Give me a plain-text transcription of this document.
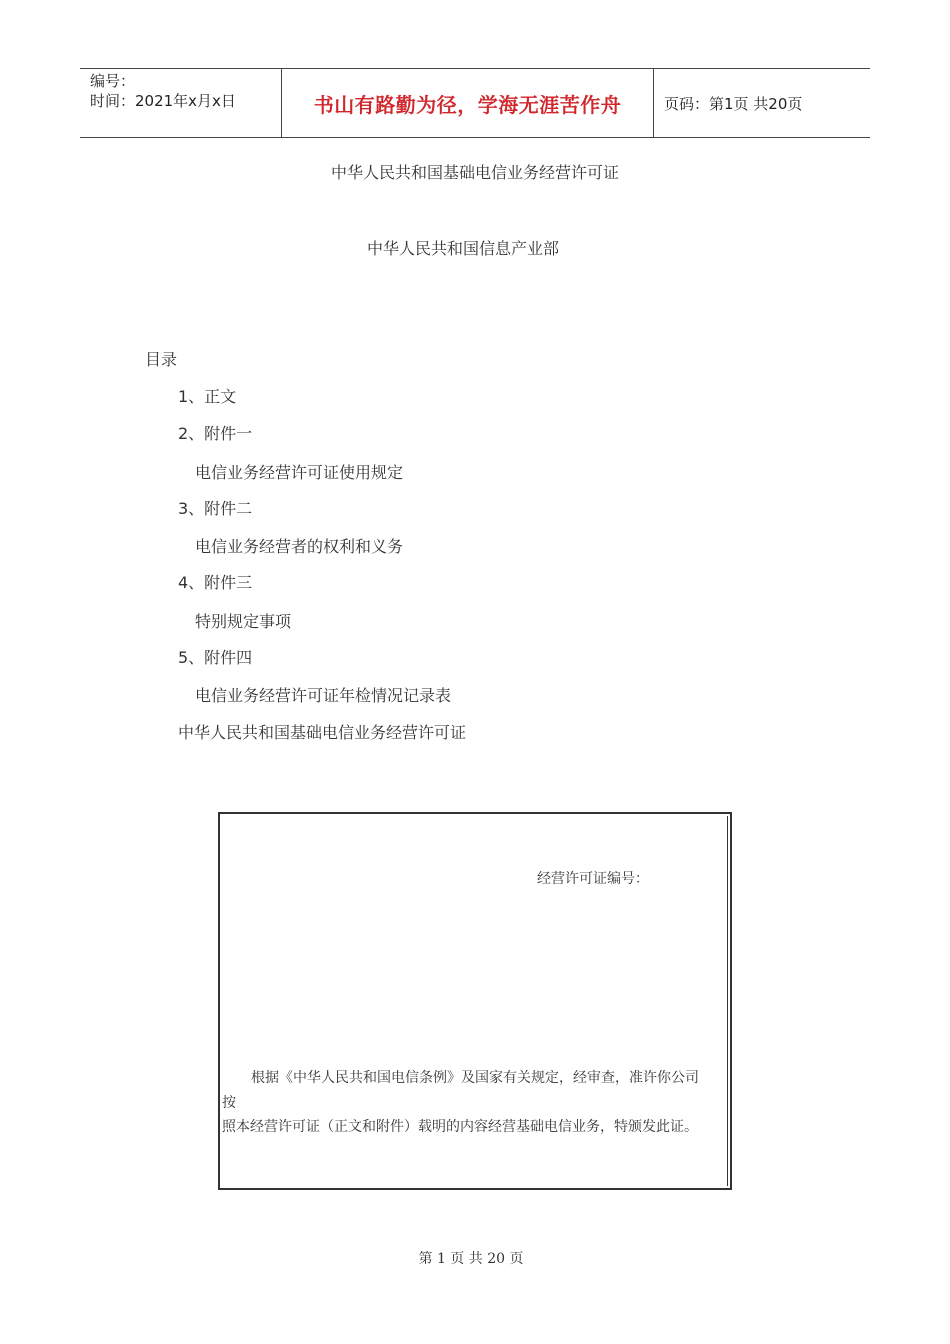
编号：
时间：2021年x月x日	书山有路勤为径，学海无涯苦作舟	页码：第1页 共20页
中华人民共和国基础电信业务经营许可证
中华人民共和国信息产业部
目录
1、正文
2、附件一
电信业务经营许可证使用规定
3、附件二
电信业务经营者的权利和义务
4、附件三
特别规定事项
5、附件四
电信业务经营许可证年检情况记录表
中华人民共和国基础电信业务经营许可证
经营许可证编号：
根据《中华人民共和国电信条例》及国家有关规定，经审查，准许你公司
按
照本经营许可证（正文和附件）载明的内容经营基础电信业务，特颁发此证。
第 1 页 共 20 页
